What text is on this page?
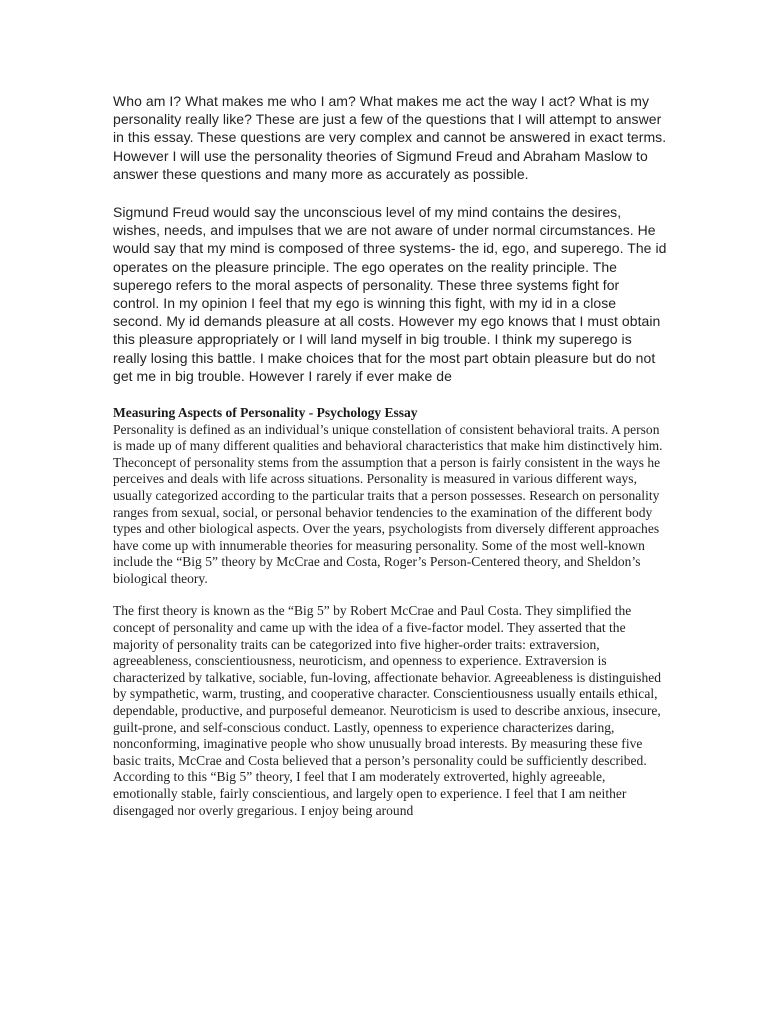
Who am I? What makes me who I am? What makes me act the way I act? What is my personality really like? These are just a few of the questions that I will attempt to answer in this essay. These questions are very complex and cannot be answered in exact terms. However I will use the personality theories of Sigmund Freud and Abraham Maslow to answer these questions and many more as accurately as possible.

Sigmund Freud would say the unconscious level of my mind contains the desires, wishes, needs, and impulses that we are not aware of under normal circumstances. He would say that my mind is composed of three systems- the id, ego, and superego. The id operates on the pleasure principle. The ego operates on the reality principle. The superego refers to the moral aspects of personality. These three systems fight for control. In my opinion I feel that my ego is winning this fight, with my id in a close second. My id demands pleasure at all costs. However my ego knows that I must obtain this pleasure appropriately or I will land myself in big trouble. I think my superego is really losing this battle. I make choices that for the most part obtain pleasure but do not get me in big trouble. However I rarely if ever make de

Measuring Aspects of Personality - Psychology Essay

Personality is defined as an individual’s unique constellation of consistent behavioral traits. A person is made up of many different qualities and behavioral characteristics that make him distinctively him. Theconcept of personality stems from the assumption that a person is fairly consistent in the ways he perceives and deals with life across situations. Personality is measured in various different ways, usually categorized according to the particular traits that a person possesses. Research on personality ranges from sexual, social, or personal behavior tendencies to the examination of the different body types and other biological aspects. Over the years, psychologists from diversely different approaches have come up with innumerable theories for measuring personality. Some of the most well-known include the “Big 5” theory by McCrae and Costa, Roger’s Person-Centered theory, and Sheldon’s biological theory.

The first theory is known as the “Big 5” by Robert McCrae and Paul Costa. They simplified the concept of personality and came up with the idea of a five-factor model. They asserted that the majority of personality traits can be categorized into five higher-order traits: extraversion, agreeableness, conscientiousness, neuroticism, and openness to experience. Extraversion is characterized by talkative, sociable, fun-loving, affectionate behavior. Agreeableness is distinguished by sympathetic, warm, trusting, and cooperative character. Conscientiousness usually entails ethical, dependable, productive, and purposeful demeanor. Neuroticism is used to describe anxious, insecure, guilt-prone, and self-conscious conduct. Lastly, openness to experience characterizes daring, nonconforming, imaginative people who show unusually broad interests. By measuring these five basic traits, McCrae and Costa believed that a person’s personality could be sufficiently described. According to this “Big 5” theory, I feel that I am moderately extroverted, highly agreeable, emotionally stable, fairly conscientious, and largely open to experience. I feel that I am neither disengaged nor overly gregarious. I enjoy being around
